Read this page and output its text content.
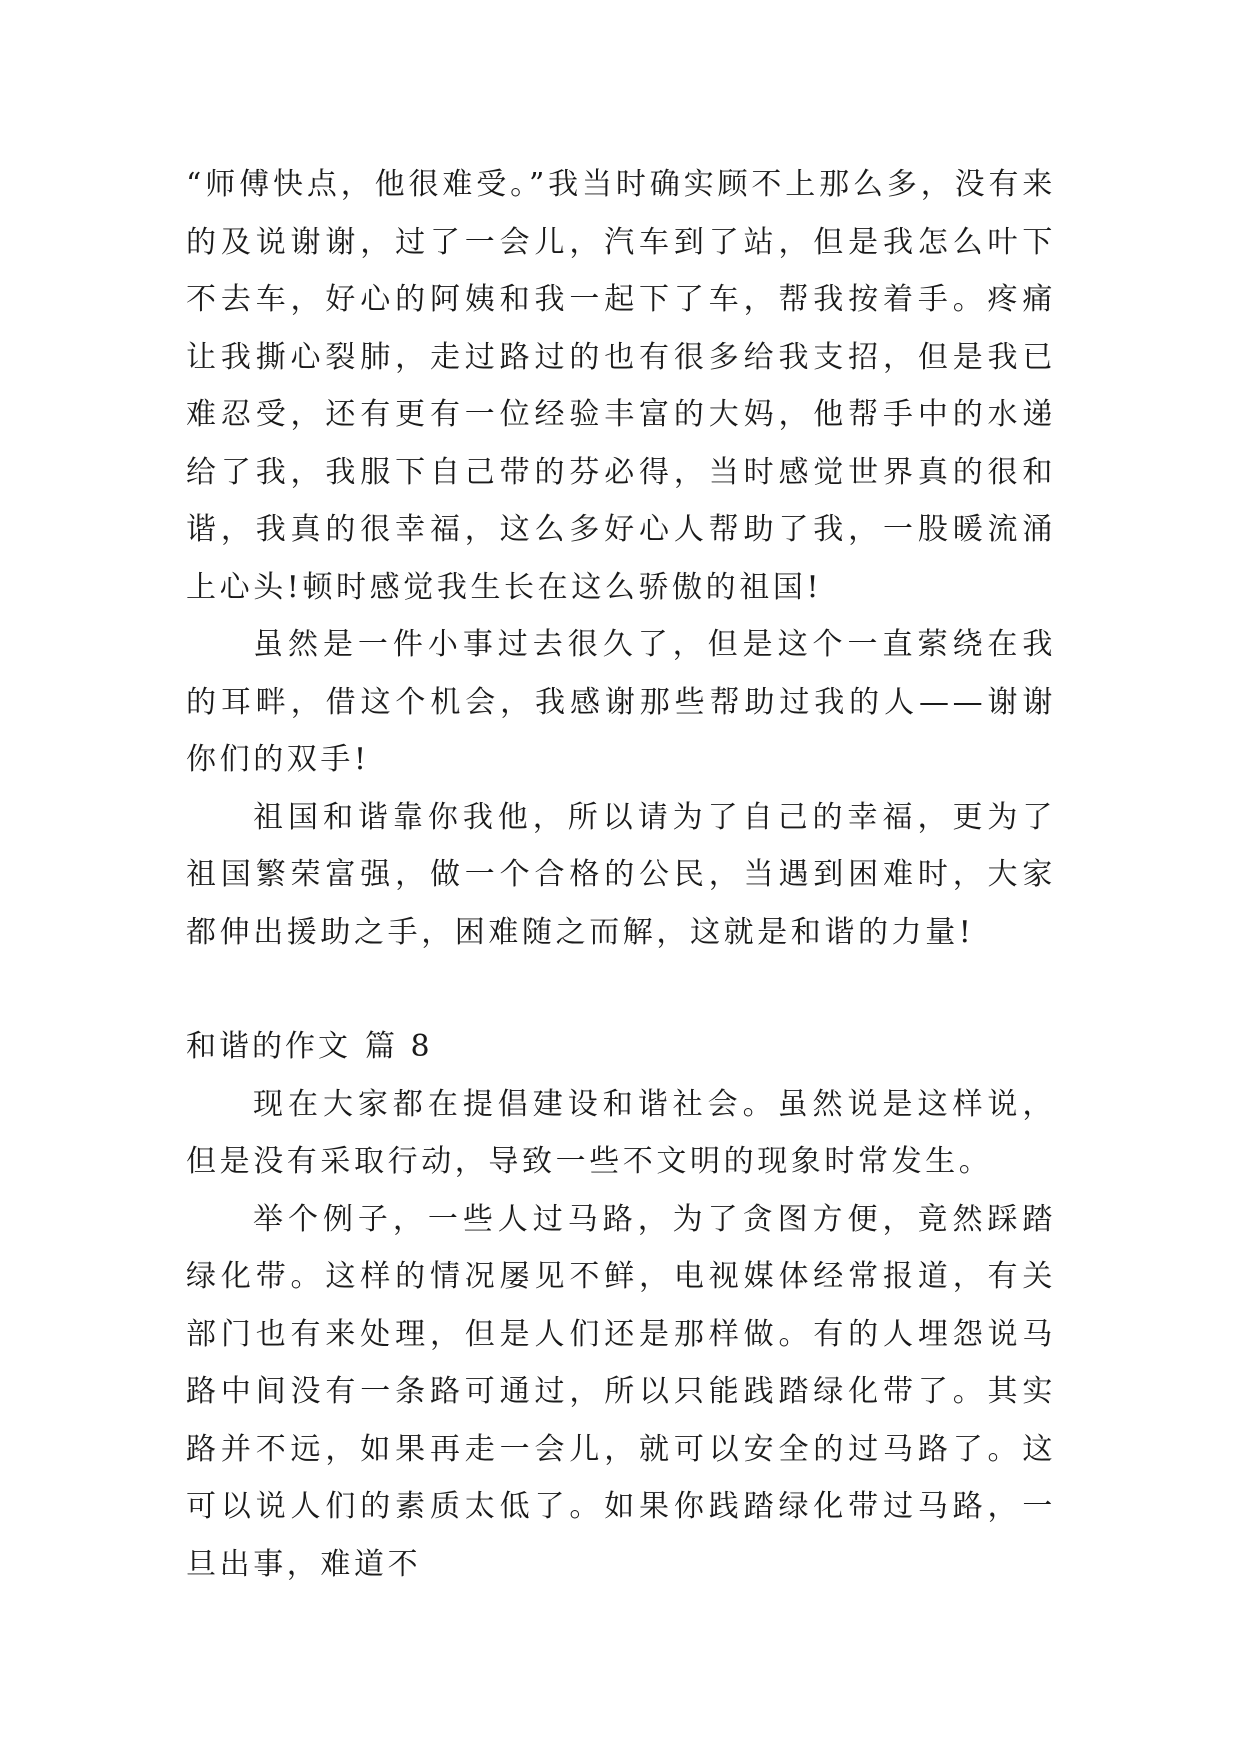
“师傅快点，他很难受。”我当时确实顾不上那么多，没有来的及说谢谢，过了一会儿，汽车到了站，但是我怎么叶下不去车，好心的阿姨和我一起下了车，帮我按着手。疼痛让我撕心裂肺，走过路过的也有很多给我支招，但是我已难忍受，还有更有一位经验丰富的大妈，他帮手中的水递给了我，我服下自己带的芬必得，当时感觉世界真的很和谐，我真的很幸福，这么多好心人帮助了我，一股暖流涌上心头!顿时感觉我生长在这么骄傲的祖国!

虽然是一件小事过去很久了，但是这个一直萦绕在我的耳畔，借这个机会，我感谢那些帮助过我的人——谢谢你们的双手!

祖国和谐靠你我他，所以请为了自己的幸福，更为了祖国繁荣富强，做一个合格的公民，当遇到困难时，大家都伸出援助之手，困难随之而解，这就是和谐的力量!

和谐的作文 篇 8

现在大家都在提倡建设和谐社会。虽然说是这样说，但是没有采取行动，导致一些不文明的现象时常发生。

举个例子，一些人过马路，为了贪图方便，竟然踩踏绿化带。这样的情况屡见不鲜，电视媒体经常报道，有关部门也有来处理，但是人们还是那样做。有的人埋怨说马路中间没有一条路可通过，所以只能践踏绿化带了。其实路并不远，如果再走一会儿，就可以安全的过马路了。这可以说人们的素质太低了。如果你践踏绿化带过马路，一旦出事，难道不
